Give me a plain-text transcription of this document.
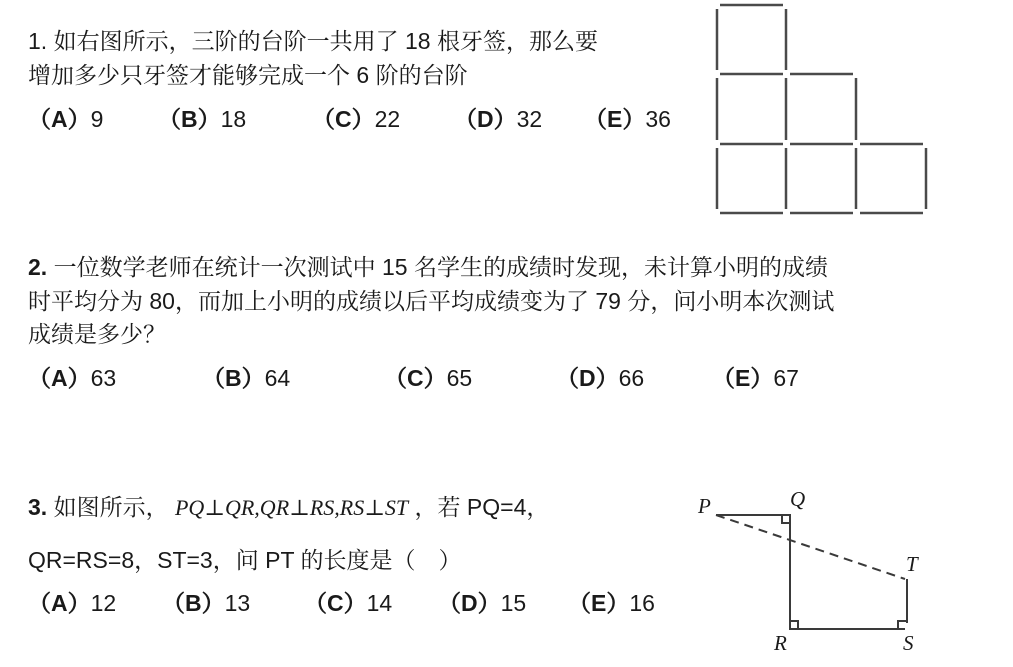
1. 如右图所示，三阶的台阶一共用了 18 根牙签，那么要
增加多少只牙签才能够完成一个 6 阶的台阶
（A）9 （B）18	（C）22 （D）32 （E）36
2. 一位数学老师在统计一次测试中 15 名学生的成绩时发现，未计算小明的成绩
时平均分为 80，而加上小明的成绩以后平均成绩变为了 79 分，问小明本次测试
成绩是多少？
（A）63	（B）64	（C）65	（D）66	（E）67
3. 如图所示， PQ⊥QR,QR⊥RS,RS⊥ST ，若 PQ=4，
QR=RS=8，ST=3，问 PT 的长度是（　）
（A）12 （B）13 （C）14 （D）15 （E）16
P	Q
R	S
T
